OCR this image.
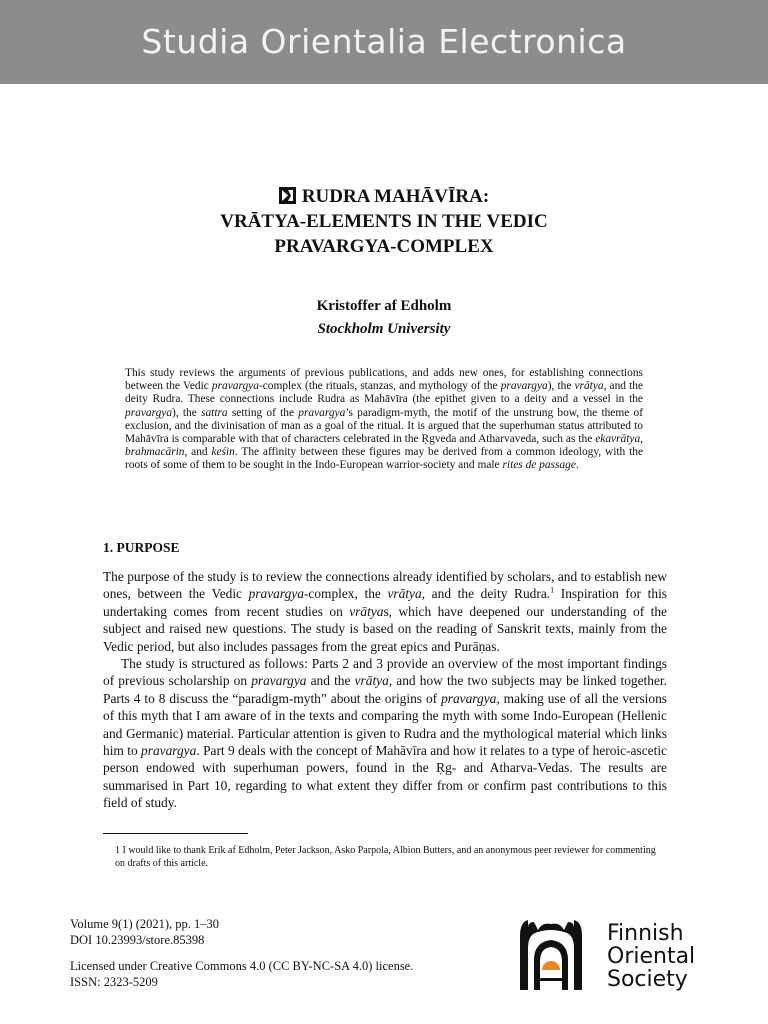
Studia Orientalia Electronica
RUDRA MAHĀVĪRA:
VRĀTYA-ELEMENTS IN THE VEDIC
PRAVARGYA-COMPLEX
Kristoffer af Edholm
Stockholm University

This study reviews the arguments of previous publications, and adds new ones, for establishing connections between the Vedic pravargya-complex (the rituals, stanzas, and mythology of the pravargya), the vrātya, and the deity Rudra. These connections include Rudra as Mahāvīra (the epithet given to a deity and a vessel in the pravargya), the sattra setting of the pravargya’s paradigm-myth, the motif of the unstrung bow, the theme of exclusion, and the divinisation of man as a goal of the ritual. It is argued that the superhuman status attributed to Mahāvīra is comparable with that of characters celebrated in the Ṛgveda and Atharvaveda, such as the ekavrātya, brahmacārin, and keśin. The affinity between these figures may be derived from a common ideology, with the roots of some of them to be sought in the Indo-European warrior-society and male rites de passage.

1. PURPOSE

The purpose of the study is to review the connections already identified by scholars, and to establish new ones, between the Vedic pravargya-complex, the vrātya, and the deity Rudra.$^1$ Inspiration for this undertaking comes from recent studies on vrātyas, which have deepened our understanding of the subject and raised new questions. The study is based on the reading of Sanskrit texts, mainly from the Vedic period, but also includes passages from the great epics and Purāṇas.

The study is structured as follows: Parts 2 and 3 provide an overview of the most important findings of previous scholarship on pravargya and the vrātya, and how the two subjects may be linked together. Parts 4 to 8 discuss the “paradigm-myth” about the origins of pravargya, making use of all the versions of this myth that I am aware of in the texts and comparing the myth with some Indo-European (Hellenic and Germanic) material. Particular attention is given to Rudra and the mythological material which links him to pravargya. Part 9 deals with the concept of Mahāvīra and how it relates to a type of heroic-ascetic person endowed with superhuman powers, found in the Ṛg- and Atharva-Vedas. The results are summarised in Part 10, regarding to what extent they differ from or confirm past contributions to this field of study.

1 I would like to thank Erik af Edholm, Peter Jackson, Asko Parpola, Albion Butters, and an anonymous peer reviewer for commenting on drafts of this article.

Volume 9(1) (2021), pp. 1–30
DOI 10.23993/store.85398
Licensed under Creative Commons 4.0 (CC BY-NC-SA 4.0) license.
ISSN: 2323-5209
Finnish
Oriental
Society
